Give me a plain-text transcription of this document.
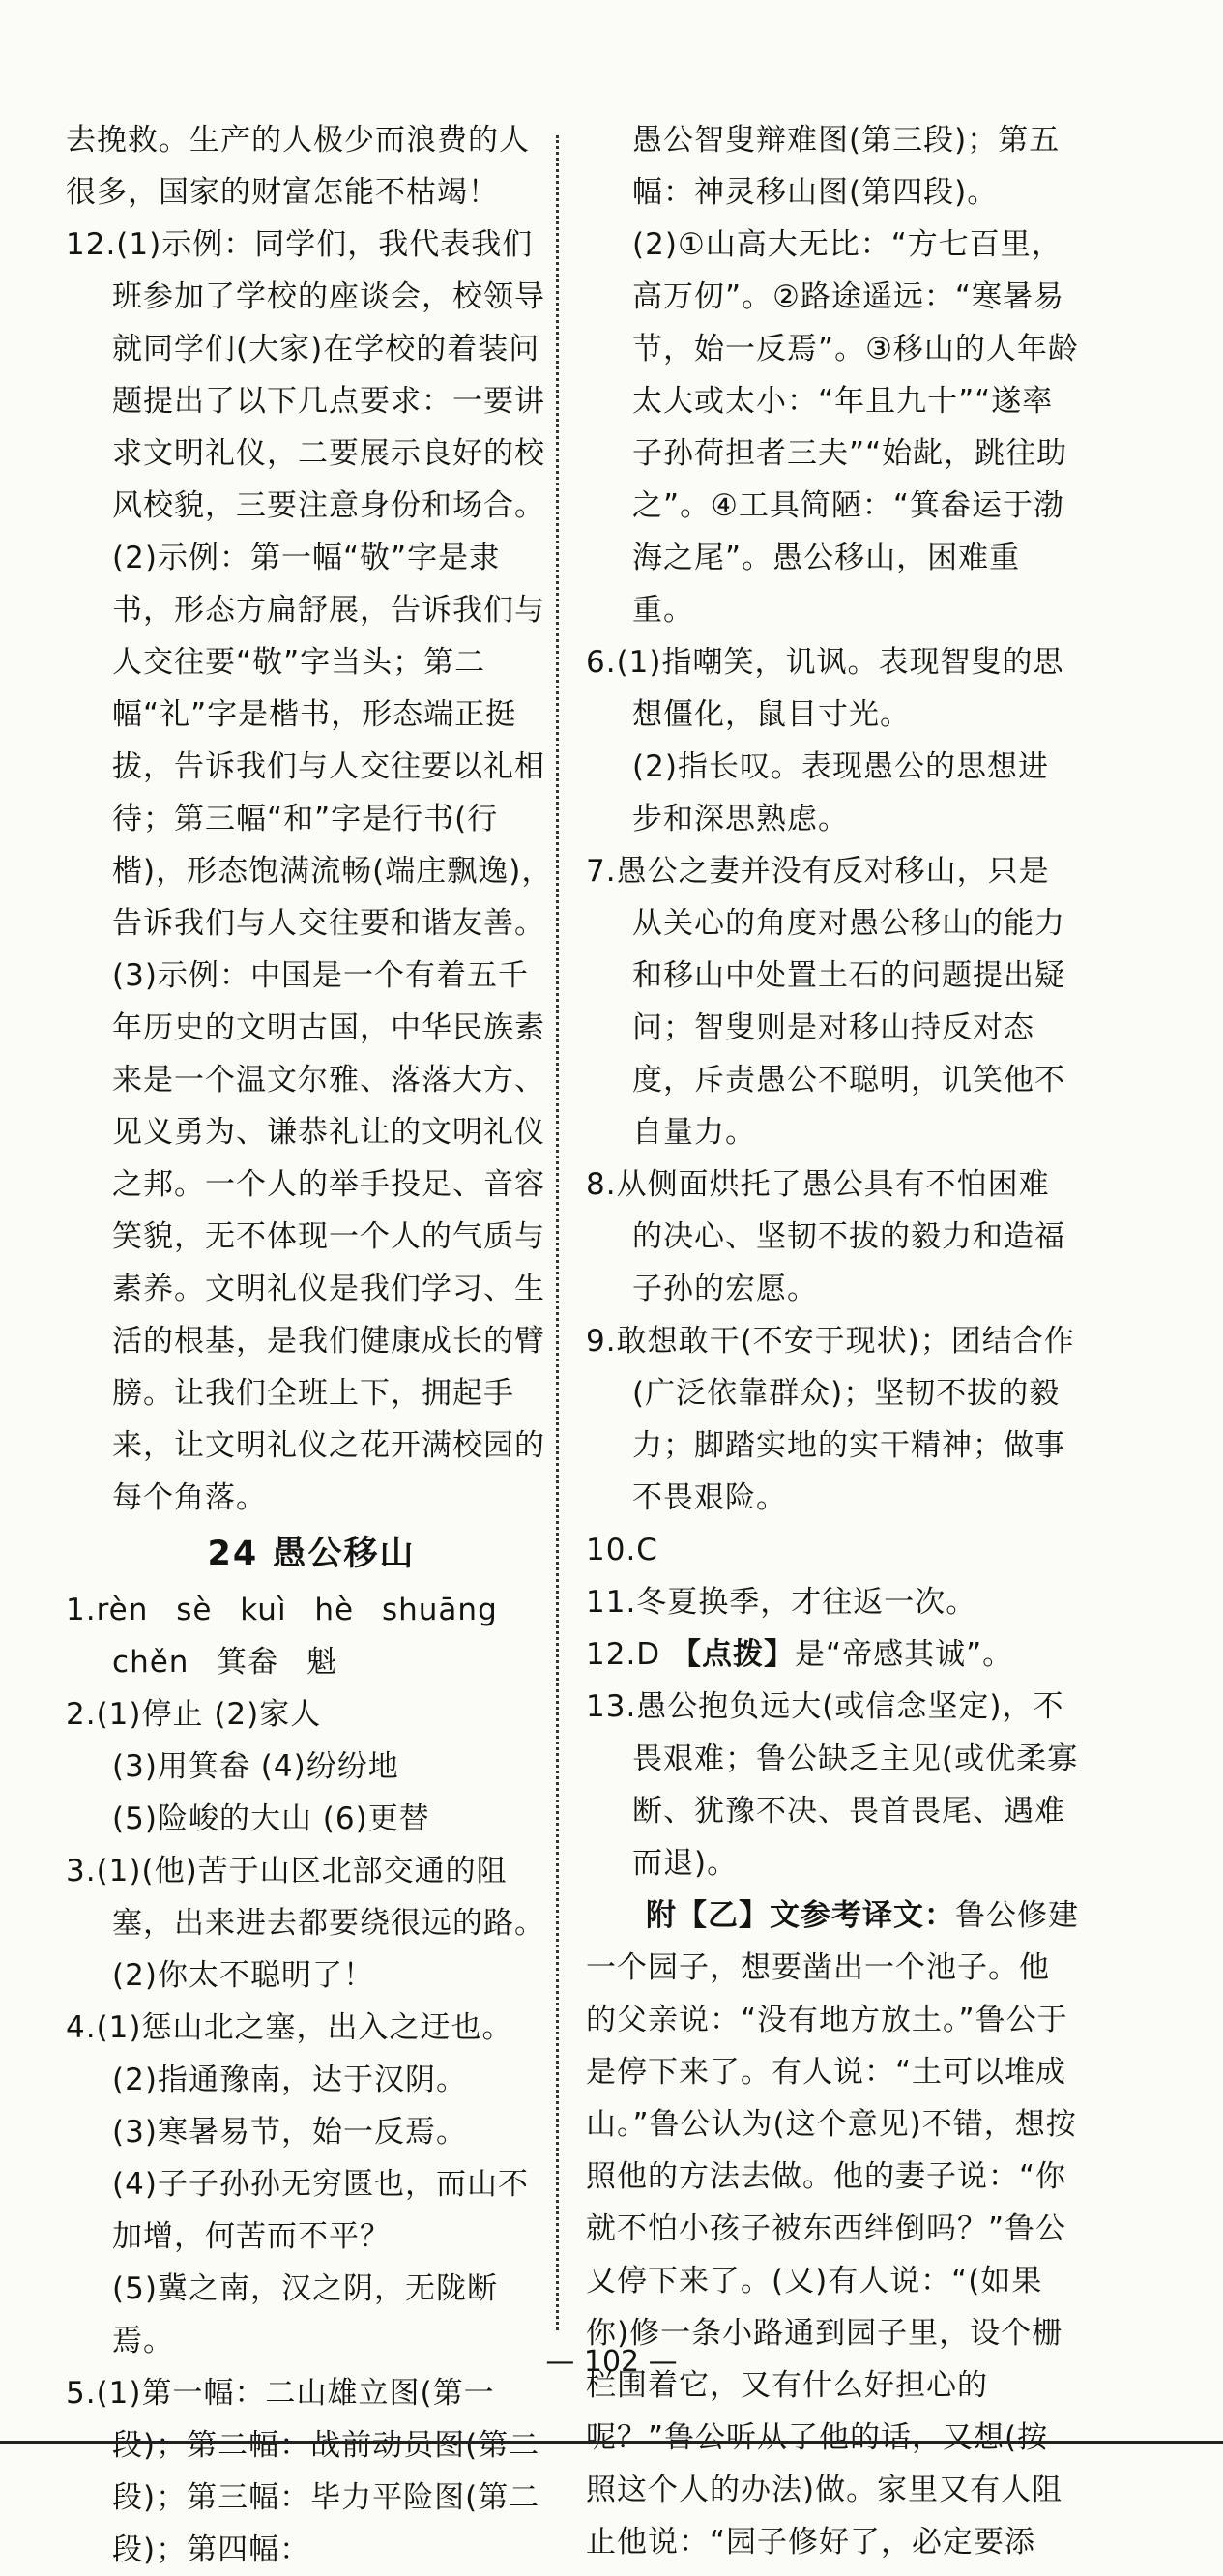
去挽救。生产的人极少而浪费的人很多，国家的财富怎能不枯竭！

12.(1)示例：同学们，我代表我们班参加了学校的座谈会，校领导就同学们(大家)在学校的着装问题提出了以下几点要求：一要讲求文明礼仪，二要展示良好的校风校貌，三要注意身份和场合。

(2)示例：第一幅“敬”字是隶书，形态方扁舒展，告诉我们与人交往要“敬”字当头；第二幅“礼”字是楷书，形态端正挺拔，告诉我们与人交往要以礼相待；第三幅“和”字是行书(行楷)，形态饱满流畅(端庄飘逸)，告诉我们与人交往要和谐友善。

(3)示例：中国是一个有着五千年历史的文明古国，中华民族素来是一个温文尔雅、落落大方、见义勇为、谦恭礼让的文明礼仪之邦。一个人的举手投足、音容笑貌，无不体现一个人的气质与素养。文明礼仪是我们学习、生活的根基，是我们健康成长的臂膀。让我们全班上下，拥起手来，让文明礼仪之花开满校园的每个角落。

24 愚公移山

1.rèn sè kuì hè shuāng

chěn 箕畚 魁

2.(1)停止 (2)家人

(3)用箕畚 (4)纷纷地

(5)险峻的大山 (6)更替

3.(1)(他)苦于山区北部交通的阻塞，出来进去都要绕很远的路。

(2)你太不聪明了！

4.(1)惩山北之塞，出入之迂也。

(2)指通豫南，达于汉阴。

(3)寒暑易节，始一反焉。

(4)子子孙孙无穷匮也，而山不加增，何苦而不平？

(5)冀之南，汉之阴，无陇断焉。

5.(1)第一幅：二山雄立图(第一段)；第二幅：战前动员图(第二段)；第三幅：毕力平险图(第二段)；第四幅：

愚公智叟辩难图(第三段)；第五幅：神灵移山图(第四段)。

(2)①山高大无比：“方七百里，高万仞”。②路途遥远：“寒暑易节，始一反焉”。③移山的人年龄太大或太小：“年且九十”“遂率子孙荷担者三夫”“始龀，跳往助之”。④工具简陋：“箕畚运于渤海之尾”。愚公移山，困难重重。

6.(1)指嘲笑，讥讽。表现智叟的思想僵化，鼠目寸光。

(2)指长叹。表现愚公的思想进步和深思熟虑。

7.愚公之妻并没有反对移山，只是从关心的角度对愚公移山的能力和移山中处置土石的问题提出疑问；智叟则是对移山持反对态度，斥责愚公不聪明，讥笑他不自量力。

8.从侧面烘托了愚公具有不怕困难的决心、坚韧不拔的毅力和造福子孙的宏愿。

9.敢想敢干(不安于现状)；团结合作(广泛依靠群众)；坚韧不拔的毅力；脚踏实地的实干精神；做事不畏艰险。

10.C

11.冬夏换季，才往返一次。

12.D 【点拨】是“帝感其诚”。

13.愚公抱负远大(或信念坚定)，不畏艰难；鲁公缺乏主见(或优柔寡断、犹豫不决、畏首畏尾、遇难而退)。

附【乙】文参考译文：鲁公修建一个园子，想要凿出一个池子。他的父亲说：“没有地方放土。”鲁公于是停下来了。有人说：“土可以堆成山。”鲁公认为(这个意见)不错，想按照他的方法去做。他的妻子说：“你就不怕小孩子被东西绊倒吗？”鲁公又停下来了。(又)有人说：“(如果你)修一条小路通到园子里，设个栅栏围着它，又有什么好担心的呢？”鲁公听从了他的话，又想(按照这个人的办法)做。家里又有人阻止他说：“园子修好了，必定要添

— 102 —
